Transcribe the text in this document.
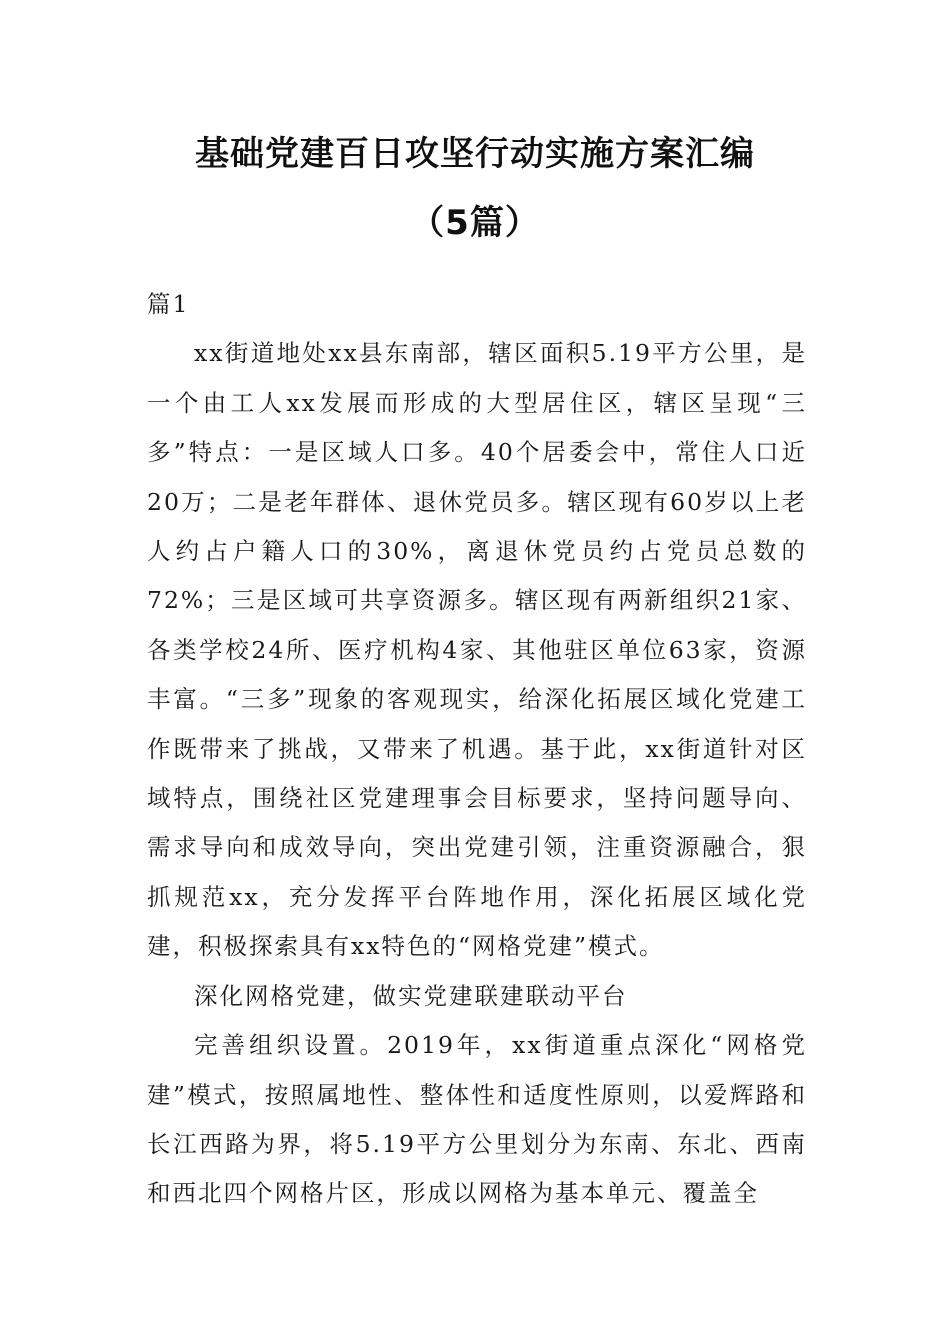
基础党建百日攻坚行动实施方案汇编
（5篇）

篇1

xx街道地处xx县东南部，辖区面积5.19平方公里，是一个由工人xx发展而形成的大型居住区，辖区呈现“三多”特点：一是区域人口多。40个居委会中，常住人口近20万；二是老年群体、退休党员多。辖区现有60岁以上老人约占户籍人口的30%，离退休党员约占党员总数的72%；三是区域可共享资源多。辖区现有两新组织21家、各类学校24所、医疗机构4家、其他驻区单位63家，资源丰富。“三多”现象的客观现实，给深化拓展区域化党建工作既带来了挑战，又带来了机遇。基于此，xx街道针对区域特点，围绕社区党建理事会目标要求，坚持问题导向、需求导向和成效导向，突出党建引领，注重资源融合，狠抓规范xx，充分发挥平台阵地作用，深化拓展区域化党建，积极探索具有xx特色的“网格党建”模式。

深化网格党建，做实党建联建联动平台

完善组织设置。2019年，xx街道重点深化“网格党建”模式，按照属地性、整体性和适度性原则，以爱辉路和长江西路为界，将5.19平方公里划分为东南、东北、西南和西北四个网格片区，形成以网格为基本单元、覆盖全
